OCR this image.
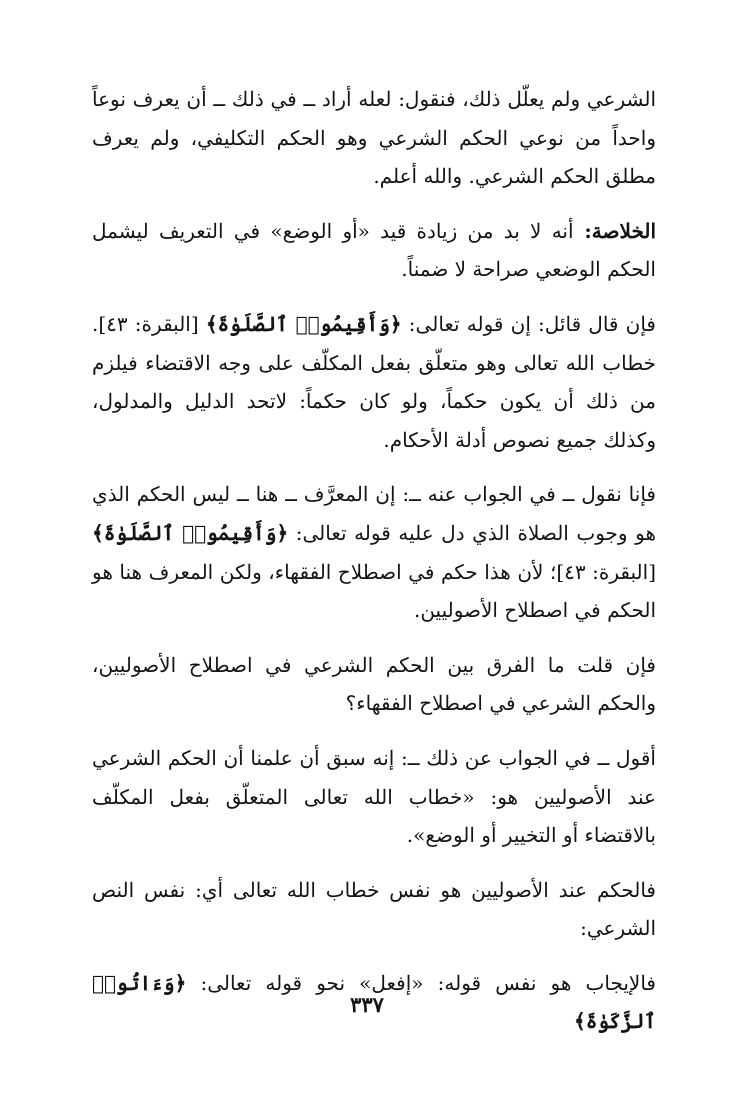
الشرعي ولم يعلّل ذلك، فنقول: لعله أراد ــ في ذلك ــ أن يعرف نوعاً واحداً من نوعي الحكم الشرعي وهو الحكم التكليفي، ولم يعرف مطلق الحكم الشرعي. والله أعلم.

الخلاصة: أنه لا بد من زيادة قيد «أو الوضع» في التعريف ليشمل الحكم الوضعي صراحة لا ضمناً.

فإن قال قائل: إن قوله تعالى: ﴿وَأَقِيمُوا۟ ٱلصَّلَوٰةَ﴾ [البقرة: ٤٣]. خطاب الله تعالى وهو متعلّق بفعل المكلّف على وجه الاقتضاء فيلزم من ذلك أن يكون حكماً، ولو كان حكماً: لاتحد الدليل والمدلول، وكذلك جميع نصوص أدلة الأحكام.

فإنا نقول ــ في الجواب عنه ــ: إن المعرَّف ــ هنا ــ ليس الحكم الذي هو وجوب الصلاة الذي دل عليه قوله تعالى: ﴿وَأَقِيمُوا۟ ٱلصَّلَوٰةَ﴾ [البقرة: ٤٣]؛ لأن هذا حكم في اصطلاح الفقهاء، ولكن المعرف هنا هو الحكم في اصطلاح الأصوليين.

فإن قلت ما الفرق بين الحكم الشرعي في اصطلاح الأصوليين، والحكم الشرعي في اصطلاح الفقهاء؟

أقول ــ في الجواب عن ذلك ــ: إنه سبق أن علمنا أن الحكم الشرعي عند الأصوليين هو: «خطاب الله تعالى المتعلّق بفعل المكلّف بالاقتضاء أو التخيير أو الوضع».

فالحكم عند الأصوليين هو نفس خطاب الله تعالى أي: نفس النص الشرعي:

فالإيجاب هو نفس قوله: «إفعل» نحو قوله تعالى: ﴿وَءَاتُوا۟ ٱلزَّكَوٰةَ﴾

٣٣٧
